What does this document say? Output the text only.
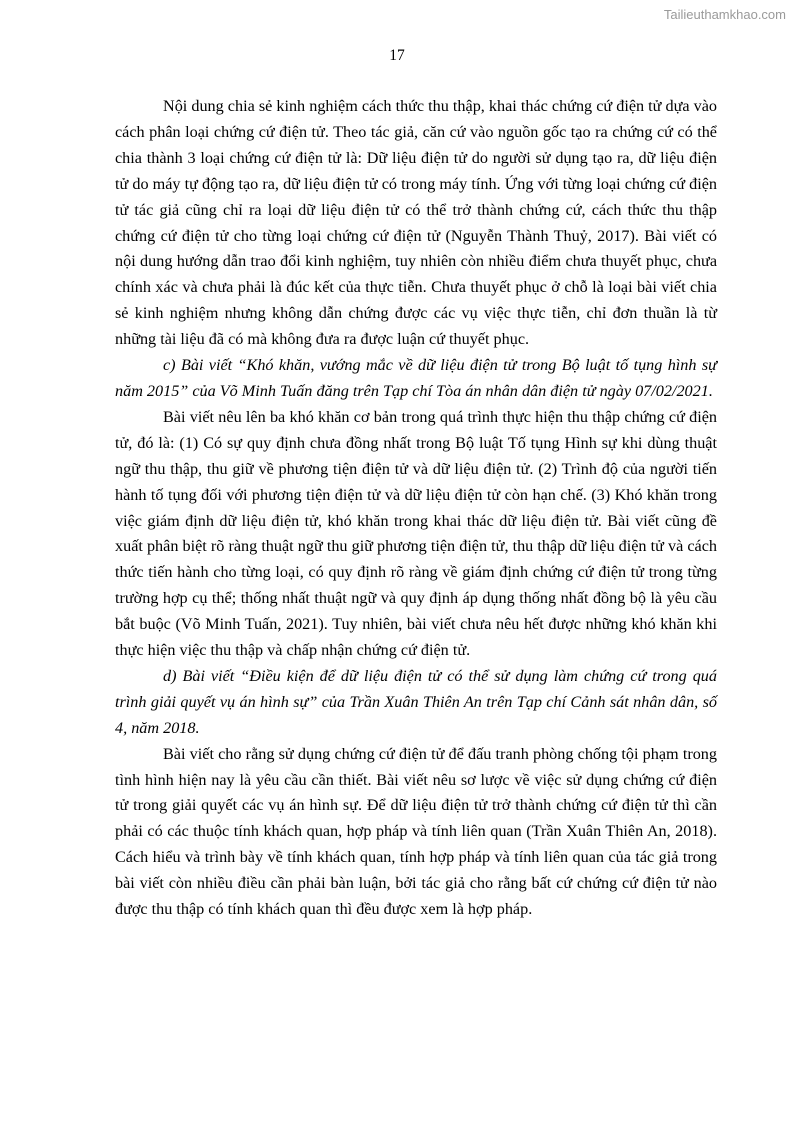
Tailieuthamkhao.com
17

Nội dung chia sẻ kinh nghiệm cách thức thu thập, khai thác chứng cứ điện tử dựa vào cách phân loại chứng cứ điện tử. Theo tác giả, căn cứ vào nguồn gốc tạo ra chứng cứ có thể chia thành 3 loại chứng cứ điện tử là: Dữ liệu điện tử do người sử dụng tạo ra, dữ liệu điện tử do máy tự động tạo ra, dữ liệu điện tử có trong máy tính. Ứng với từng loại chứng cứ điện tử tác giả cũng chỉ ra loại dữ liệu điện tử có thể trở thành chứng cứ, cách thức thu thập chứng cứ điện tử cho từng loại chứng cứ điện tử (Nguyễn Thành Thuỷ, 2017). Bài viết có nội dung hướng dẫn trao đổi kinh nghiệm, tuy nhiên còn nhiều điểm chưa thuyết phục, chưa chính xác và chưa phải là đúc kết của thực tiễn. Chưa thuyết phục ở chỗ là loại bài viết chia sẻ kinh nghiệm nhưng không dẫn chứng được các vụ việc thực tiễn, chỉ đơn thuần là từ những tài liệu đã có mà không đưa ra được luận cứ thuyết phục.

c) Bài viết “Khó khăn, vướng mắc về dữ liệu điện tử trong Bộ luật tố tụng hình sự năm 2015” của Võ Minh Tuấn đăng trên Tạp chí Tòa án nhân dân điện tử ngày 07/02/2021.

Bài viết nêu lên ba khó khăn cơ bản trong quá trình thực hiện thu thập chứng cứ điện tử, đó là: (1) Có sự quy định chưa đồng nhất trong Bộ luật Tố tụng Hình sự khi dùng thuật ngữ thu thập, thu giữ về phương tiện điện tử và dữ liệu điện tử. (2) Trình độ của người tiến hành tố tụng đối với phương tiện điện tử và dữ liệu điện tử còn hạn chế. (3) Khó khăn trong việc giám định dữ liệu điện tử, khó khăn trong khai thác dữ liệu điện tử. Bài viết cũng đề xuất phân biệt rõ ràng thuật ngữ thu giữ phương tiện điện tử, thu thập dữ liệu điện tử và cách thức tiến hành cho từng loại, có quy định rõ ràng về giám định chứng cứ điện tử trong từng trường hợp cụ thể; thống nhất thuật ngữ và quy định áp dụng thống nhất đồng bộ là yêu cầu bắt buộc (Võ Minh Tuấn, 2021). Tuy nhiên, bài viết chưa nêu hết được những khó khăn khi thực hiện việc thu thập và chấp nhận chứng cứ điện tử.

d) Bài viết “Điều kiện để dữ liệu điện tử có thể sử dụng làm chứng cứ trong quá trình giải quyết vụ án hình sự” của Trần Xuân Thiên An trên Tạp chí Cảnh sát nhân dân, số 4, năm 2018.

Bài viết cho rằng sử dụng chứng cứ điện tử để đấu tranh phòng chống tội phạm trong tình hình hiện nay là yêu cầu cần thiết. Bài viết nêu sơ lược về việc sử dụng chứng cứ điện tử trong giải quyết các vụ án hình sự. Để dữ liệu điện tử trở thành chứng cứ điện tử thì cần phải có các thuộc tính khách quan, hợp pháp và tính liên quan (Trần Xuân Thiên An, 2018). Cách hiểu và trình bày về tính khách quan, tính hợp pháp và tính liên quan của tác giả trong bài viết còn nhiều điều cần phải bàn luận, bởi tác giả cho rằng bất cứ chứng cứ điện tử nào được thu thập có tính khách quan thì đều được xem là hợp pháp.
